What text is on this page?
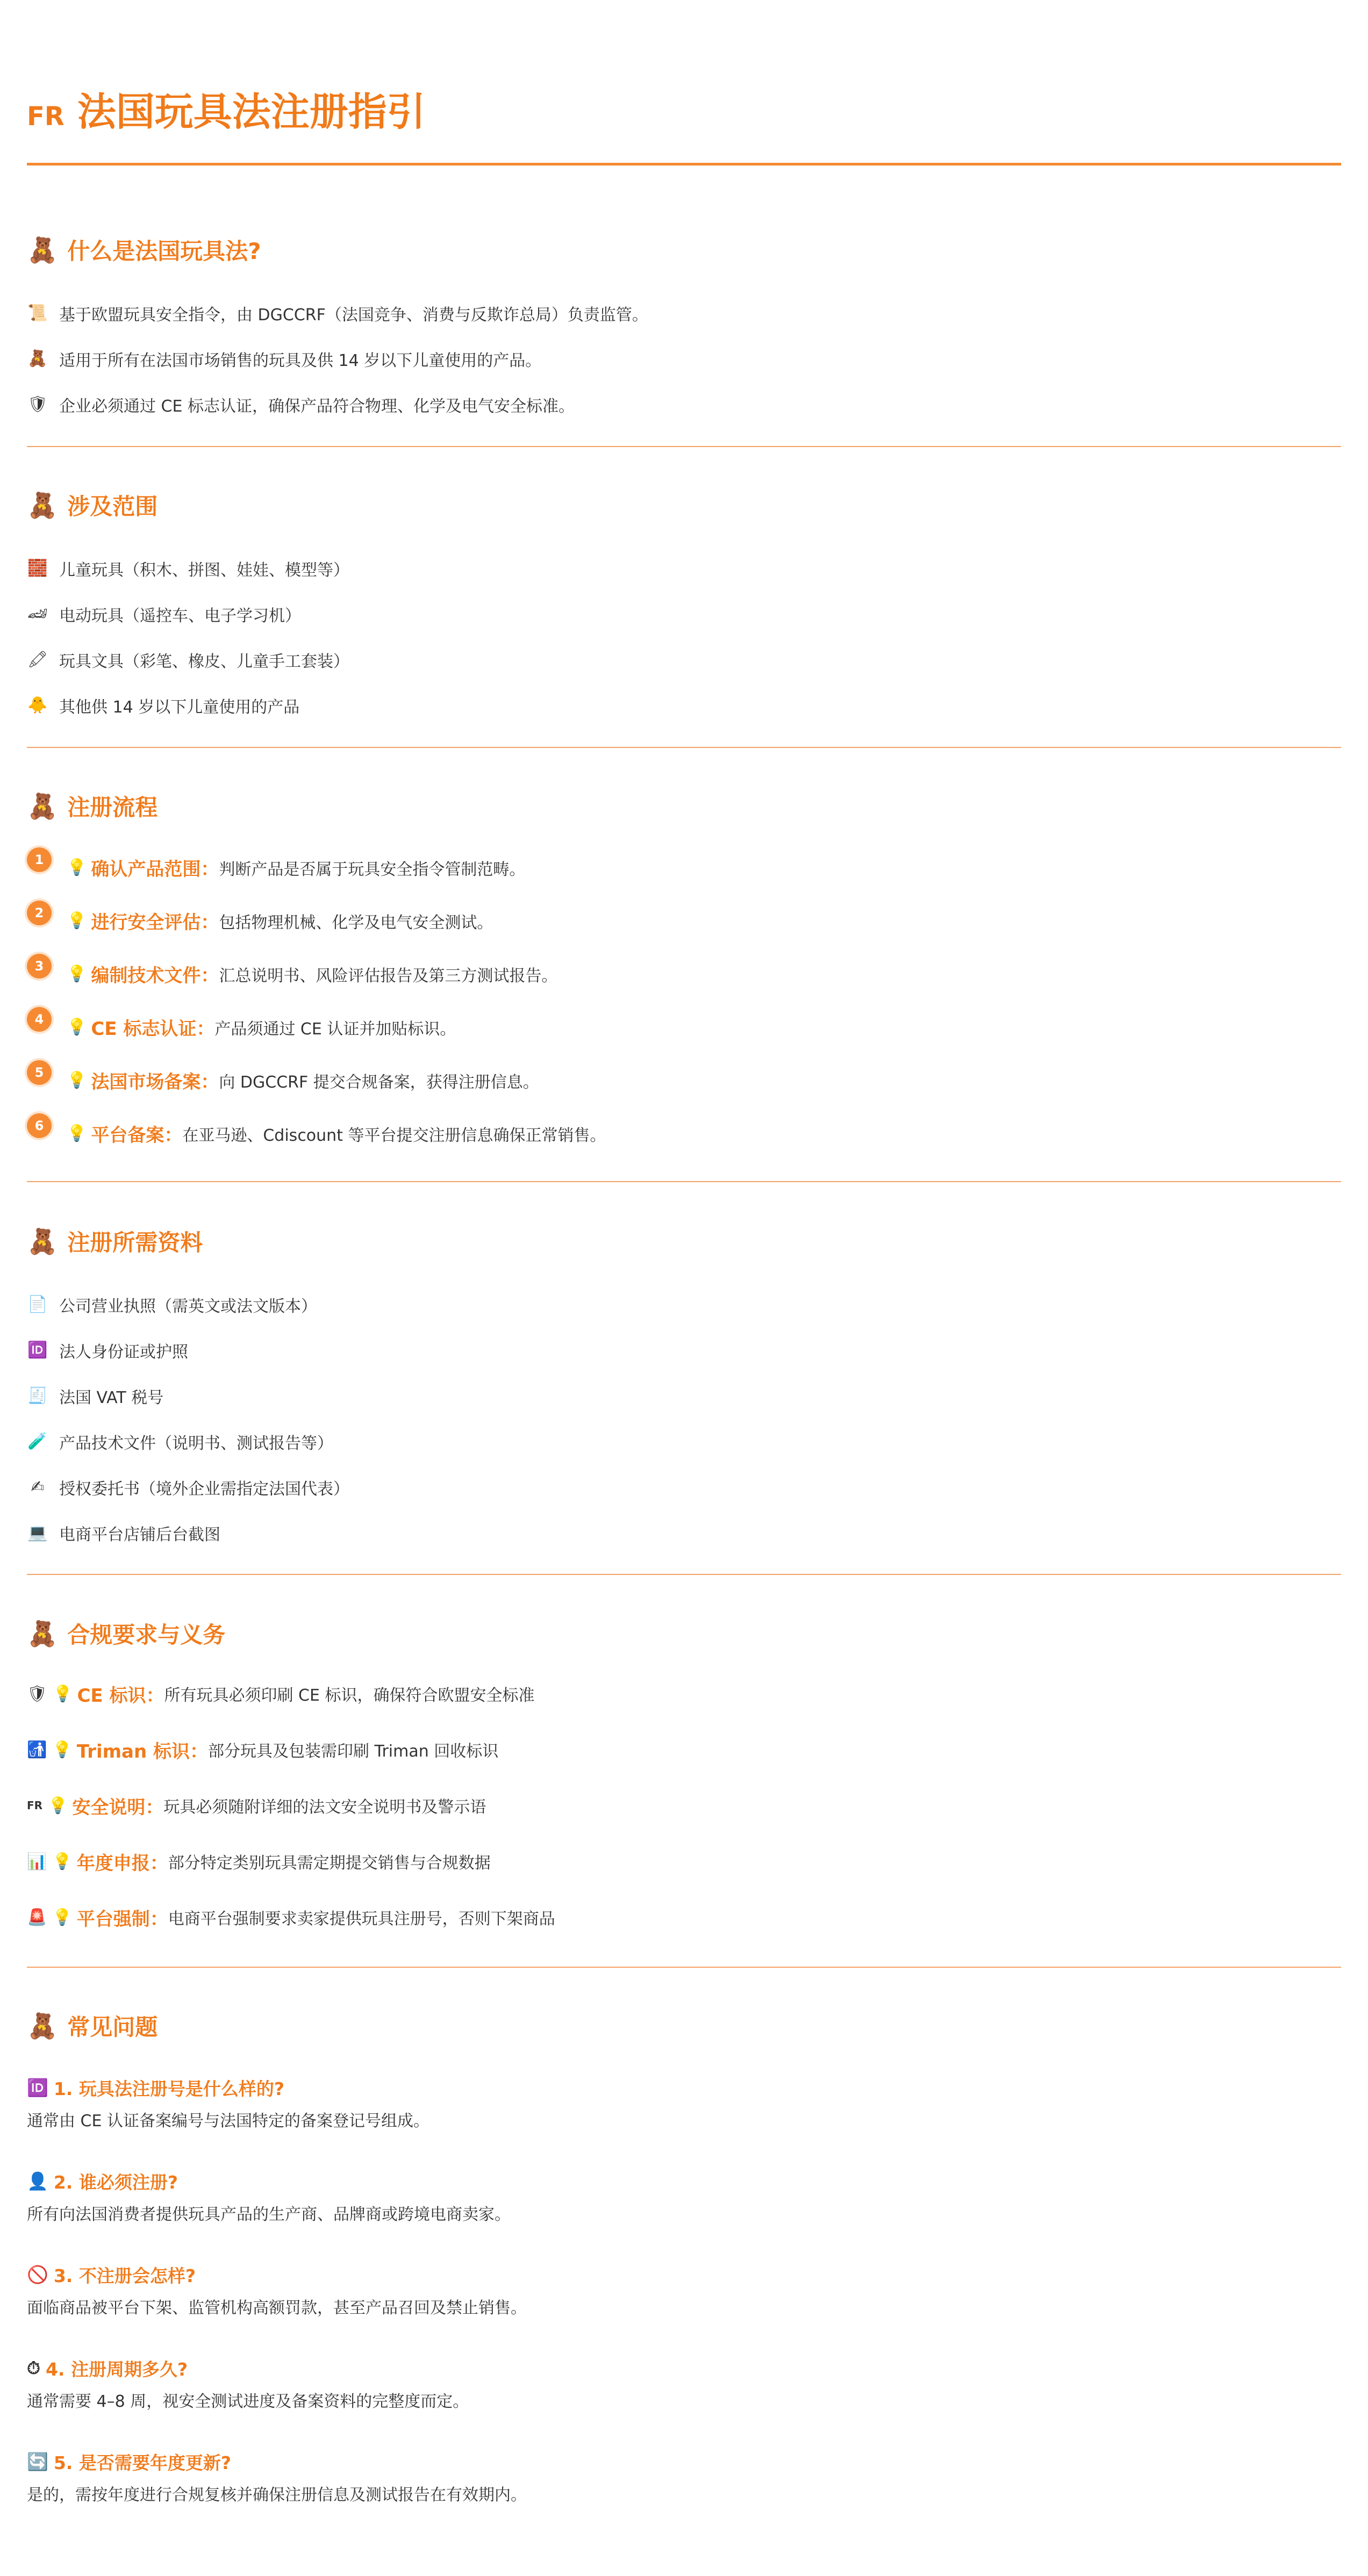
FR 法国玩具法注册指引
🧸 什么是法国玩具法?
📜 基于欧盟玩具安全指令，由 DGCCRF（法国竞争、消费与反欺诈总局）负责监管。
🧸 适用于所有在法国市场销售的玩具及供 14 岁以下儿童使用的产品。
🛡 企业必须通过 CE 标志认证，确保产品符合物理、化学及电气安全标准。
🧸 涉及范围
🧱 儿童玩具（积木、拼图、娃娃、模型等）
🏎 电动玩具（遥控车、电子学习机）
🖍 玩具文具（彩笔、橡皮、儿童手工套装）
🐥 其他供 14 岁以下儿童使用的产品
🧸 注册流程
1	💡 确认产品范围： 判断产品是否属于玩具安全指令管制范畴。
2	💡 进行安全评估： 包括物理机械、化学及电气安全测试。
3	💡 编制技术文件： 汇总说明书、风险评估报告及第三方测试报告。
4	💡 CE 标志认证： 产品须通过 CE 认证并加贴标识。
5	💡 法国市场备案： 向 DGCCRF 提交合规备案，获得注册信息。
6	💡 平台备案： 在亚马逊、Cdiscount 等平台提交注册信息确保正常销售。
🧸 注册所需资料
📄 公司营业执照（需英文或法文版本）
🆔 法人身份证或护照
🧾 法国 VAT 税号
🧪 产品技术文件（说明书、测试报告等）
✍ 授权委托书（境外企业需指定法国代表）
💻 电商平台店铺后台截图
🧸 合规要求与义务
🛡 💡 CE 标识： 所有玩具必须印刷 CE 标识，确保符合欧盟安全标准
🚮 💡 Triman 标识： 部分玩具及包装需印刷 Triman 回收标识
FR 💡 安全说明： 玩具必须随附详细的法文安全说明书及警示语
📊 💡 年度申报： 部分特定类别玩具需定期提交销售与合规数据
🚨 💡 平台强制： 电商平台强制要求卖家提供玩具注册号，否则下架商品
🧸 常见问题
🆔 1. 玩具法注册号是什么样的?
通常由 CE 认证备案编号与法国特定的备案登记号组成。
👤 2. 谁必须注册?
所有向法国消费者提供玩具产品的生产商、品牌商或跨境电商卖家。
🚫 3. 不注册会怎样?
面临商品被平台下架、监管机构高额罚款，甚至产品召回及禁止销售。
⏱ 4. 注册周期多久?
通常需要 4–8 周，视安全测试进度及备案资料的完整度而定。
🔄 5. 是否需要年度更新?
是的，需按年度进行合规复核并确保注册信息及测试报告在有效期内。
